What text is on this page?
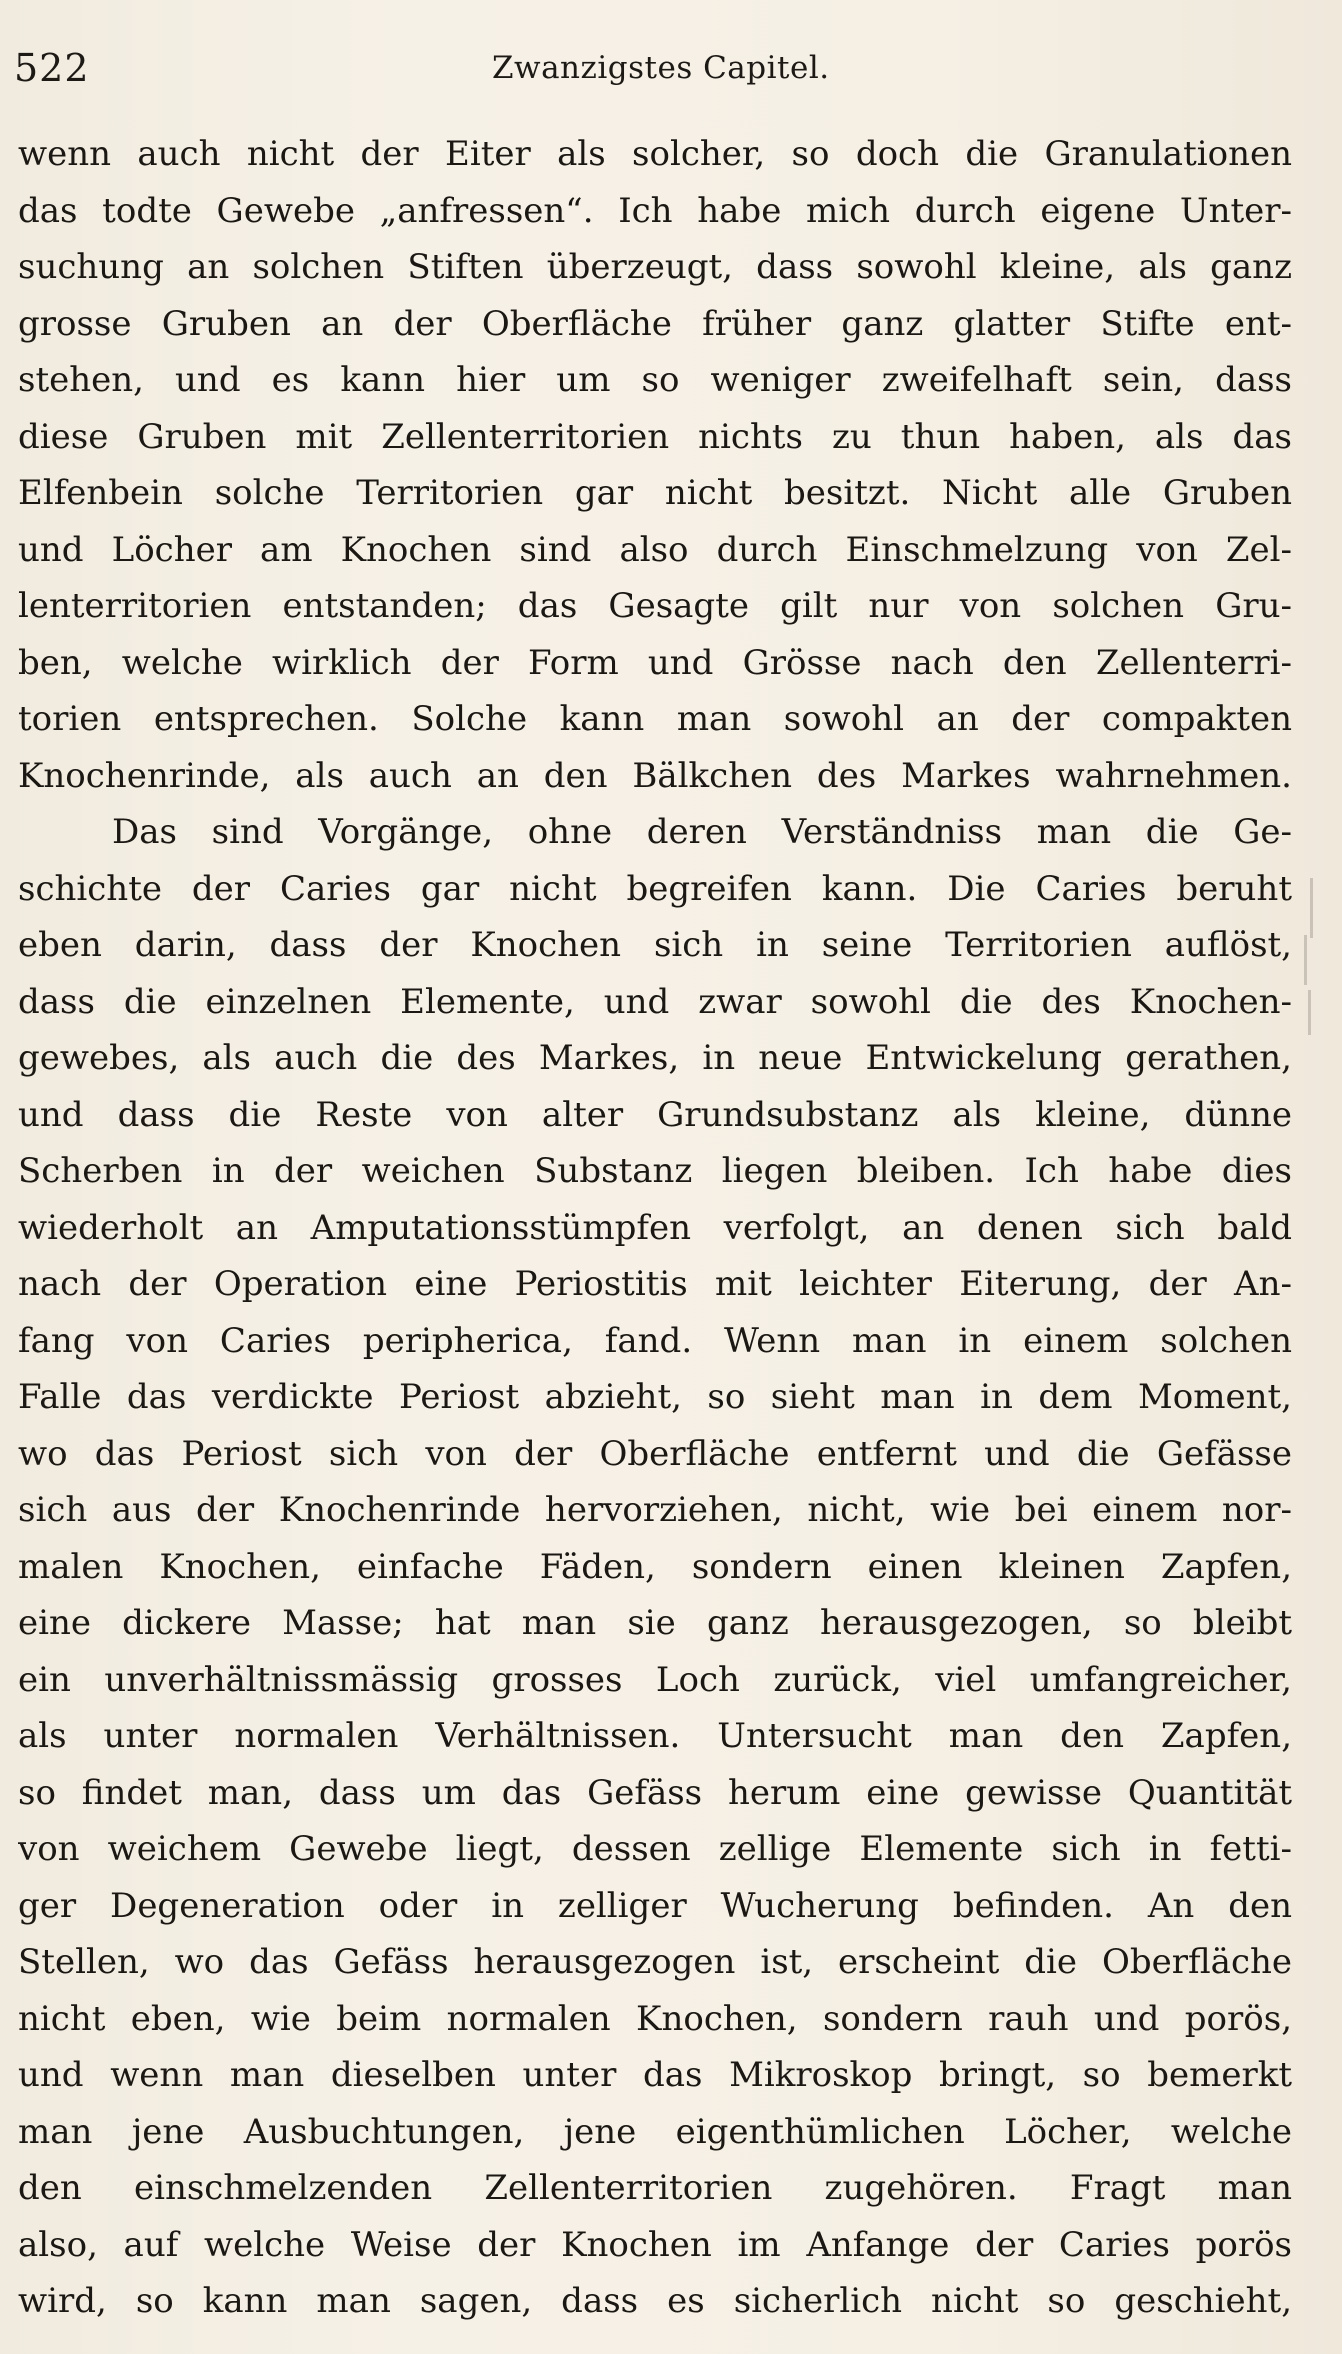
522	Zwanzigstes Capitel.
wenn auch nicht der Eiter als solcher, so doch die Granulationen
das todte Gewebe „anfressen“. Ich habe mich durch eigene Unter-
suchung an solchen Stiften überzeugt, dass sowohl kleine, als ganz
grosse Gruben an der Oberfläche früher ganz glatter Stifte ent-
stehen, und es kann hier um so weniger zweifelhaft sein, dass
diese Gruben mit Zellenterritorien nichts zu thun haben, als das
Elfenbein solche Territorien gar nicht besitzt. Nicht alle Gruben
und Löcher am Knochen sind also durch Einschmelzung von Zel-
lenterritorien entstanden; das Gesagte gilt nur von solchen Gru-
ben, welche wirklich der Form und Grösse nach den Zellenterri-
torien entsprechen. Solche kann man sowohl an der compakten
Knochenrinde, als auch an den Bälkchen des Markes wahrnehmen.
Das sind Vorgänge, ohne deren Verständniss man die Ge-
schichte der Caries gar nicht begreifen kann. Die Caries beruht
eben darin, dass der Knochen sich in seine Territorien auflöst,
dass die einzelnen Elemente, und zwar sowohl die des Knochen-
gewebes, als auch die des Markes, in neue Entwickelung gerathen,
und dass die Reste von alter Grundsubstanz als kleine, dünne
Scherben in der weichen Substanz liegen bleiben. Ich habe dies
wiederholt an Amputationsstümpfen verfolgt, an denen sich bald
nach der Operation eine Periostitis mit leichter Eiterung, der An-
fang von Caries peripherica, fand. Wenn man in einem solchen
Falle das verdickte Periost abzieht, so sieht man in dem Moment,
wo das Periost sich von der Oberfläche entfernt und die Gefässe
sich aus der Knochenrinde hervorziehen, nicht, wie bei einem nor-
malen Knochen, einfache Fäden, sondern einen kleinen Zapfen,
eine dickere Masse; hat man sie ganz herausgezogen, so bleibt
ein unverhältnissmässig grosses Loch zurück, viel umfangreicher,
als unter normalen Verhältnissen. Untersucht man den Zapfen,
so findet man, dass um das Gefäss herum eine gewisse Quantität
von weichem Gewebe liegt, dessen zellige Elemente sich in fetti-
ger Degeneration oder in zelliger Wucherung befinden. An den
Stellen, wo das Gefäss herausgezogen ist, erscheint die Oberfläche
nicht eben, wie beim normalen Knochen, sondern rauh und porös,
und wenn man dieselben unter das Mikroskop bringt, so bemerkt
man jene Ausbuchtungen, jene eigenthümlichen Löcher, welche
den einschmelzenden Zellenterritorien zugehören. Fragt man
also, auf welche Weise der Knochen im Anfange der Caries porös
wird, so kann man sagen, dass es sicherlich nicht so geschieht,
